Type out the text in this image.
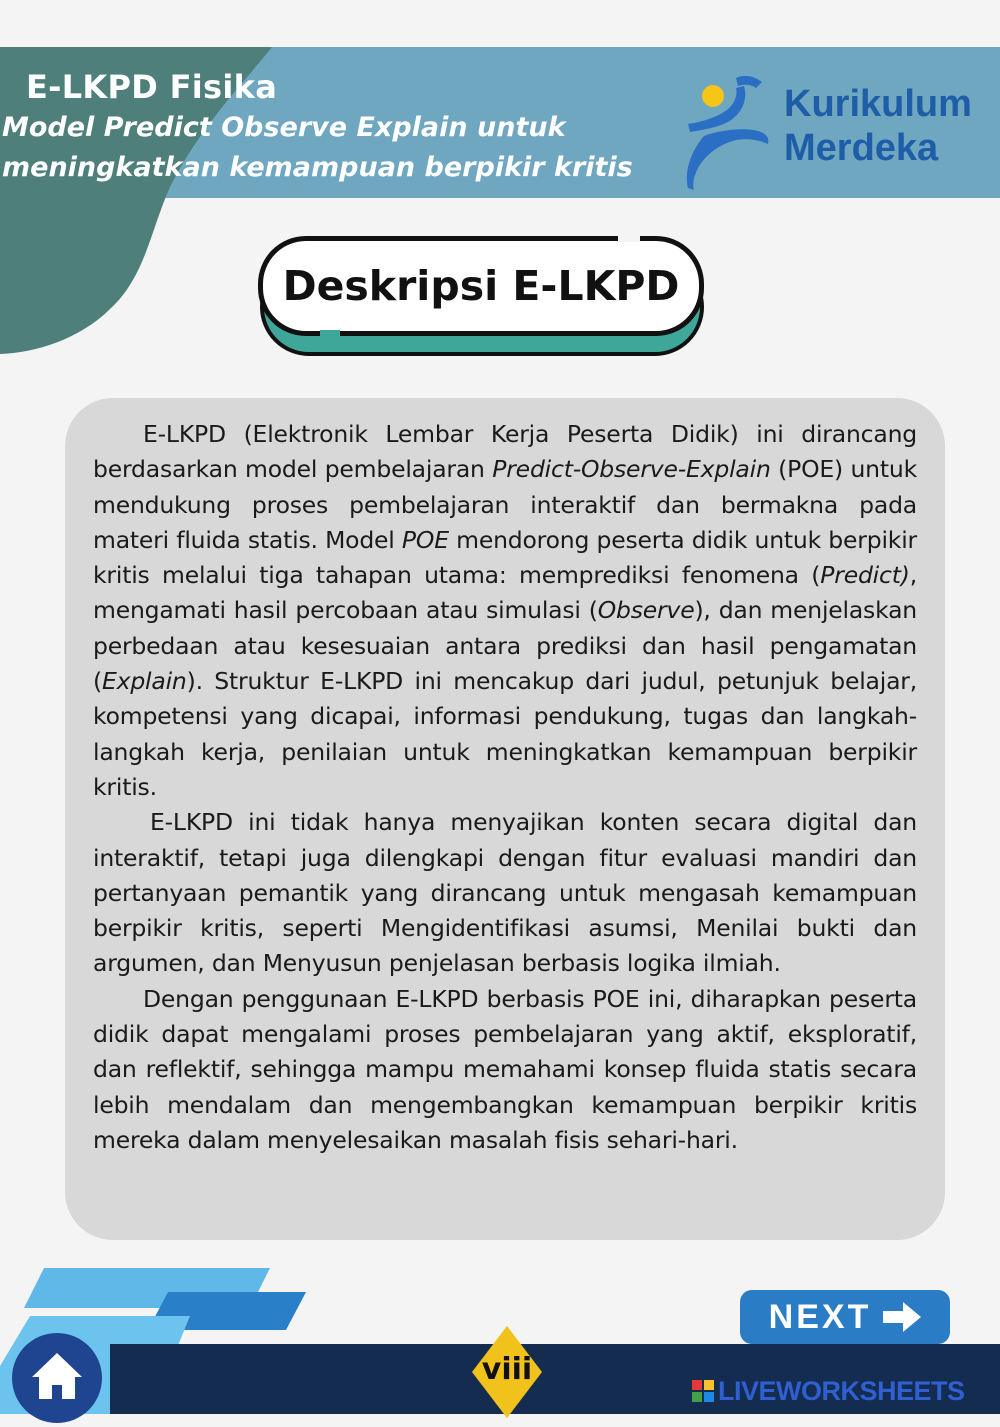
E-LKPD Fisika
Model Predict Observe Explain untuk
meningkatkan kemampuan berpikir kritis
Kurikulum
Merdeka
Deskripsi E-LKPD

E-LKPD (Elektronik Lembar Kerja Peserta Didik) ini dirancang berdasarkan model pembelajaran Predict-Observe-Explain (POE) untuk mendukung proses pembelajaran interaktif dan bermakna pada materi fluida statis. Model POE mendorong peserta didik untuk berpikir kritis melalui tiga tahapan utama: memprediksi fenomena (Predict), mengamati hasil percobaan atau simulasi (Observe), dan menjelaskan perbedaan atau kesesuaian antara prediksi dan hasil pengamatan (Explain). Struktur E-LKPD ini mencakup dari judul, petunjuk belajar, kompetensi yang dicapai, informasi pendukung, tugas dan langkah-langkah kerja, penilaian untuk meningkatkan kemampuan berpikir kritis.

E-LKPD ini tidak hanya menyajikan konten secara digital dan interaktif, tetapi juga dilengkapi dengan fitur evaluasi mandiri dan pertanyaan pemantik yang dirancang untuk mengasah kemampuan berpikir kritis, seperti Mengidentifikasi asumsi, Menilai bukti dan argumen, dan Menyusun penjelasan berbasis logika ilmiah.

Dengan penggunaan E-LKPD berbasis POE ini, diharapkan peserta didik dapat mengalami proses pembelajaran yang aktif, eksploratif, dan reflektif, sehingga mampu memahami konsep fluida statis secara lebih mendalam dan mengembangkan kemampuan berpikir kritis mereka dalam menyelesaikan masalah fisis sehari-hari.

viii
NEXT
LIVEWORKSHEETS
